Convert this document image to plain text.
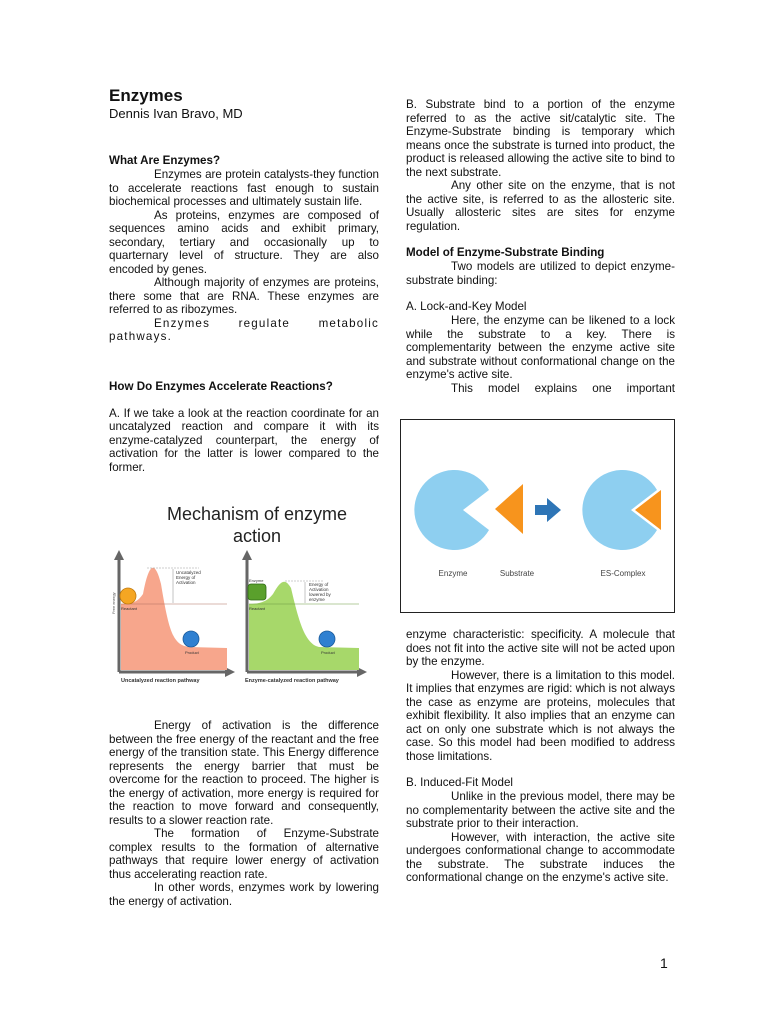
Enzymes
Dennis Ivan Bravo, MD
What Are Enzymes?

Enzymes are protein catalysts-they function to accelerate reactions fast enough to sustain biochemical processes and ultimately sustain life.

As proteins, enzymes are composed of sequences amino acids and exhibit primary, secondary, tertiary and occasionally up to quarternary level of structure. They are also encoded by genes.

Although majority of enzymes are proteins, there some that are RNA. These enzymes are referred to as ribozymes.

Enzymes regulate metabolic pathways.

How Do Enzymes Accelerate Reactions?

A. If we take a look at the reaction coordinate for an uncatalyzed reaction and compare it with its enzyme-catalyzed counterpart, the energy of activation for the latter is lower compared to the former.

Mechanism of enzyme
action
Free energy Reactant
Uncatalyzed
Energy of
Activation
Product
Uncatalyzed reaction pathway
Enzyme
Reactant
Energy of
Activation
lowered by
enzyme
Product
Enzyme-catalyzed reaction pathway

Energy of activation is the difference between the free energy of the reactant and the free energy of the transition state. This Energy difference represents the energy barrier that must be overcome for the reaction to proceed. The higher is the energy of activation, more energy is required for the reaction to move forward and consequently, results to a slower reaction rate.

The formation of Enzyme-Substrate complex results to the formation of alternative pathways that require lower energy of activation thus accelerating reaction rate.

In other words, enzymes work by lowering the energy of activation.

B. Substrate bind to a portion of the enzyme referred to as the active sit/catalytic site. The Enzyme-Substrate binding is temporary which means once the substrate is turned into product, the product is released allowing the active site to bind to the next substrate.

Any other site on the enzyme, that is not the active site, is referred to as the allosteric site. Usually allosteric sites are sites for enzyme regulation.

Model of Enzyme-Substrate Binding

Two models are utilized to depict enzyme-substrate binding:

A. Lock-and-Key Model

Here, the enzyme can be likened to a lock while the substrate to a key. There is complementarity between the enzyme active site and substrate without conformational change on the enzyme's active site.

This model explains one important

Enzyme	Substrate	ES-Complex

enzyme characteristic: specificity. A molecule that does not fit into the active site will not be acted upon by the enzyme.

However, there is a limitation to this model. It implies that enzymes are rigid: which is not always the case as enzyme are proteins, molecules that exhibit flexibility. It also implies that an enzyme can act on only one substrate which is not always the case. So this model had been modified to address those limitations.

B. Induced-Fit Model

Unlike in the previous model, there may be no complementarity between the active site and the substrate prior to their interaction.

However, with interaction, the active site undergoes conformational change to accommodate the substrate. The substrate induces the conformational change on the enzyme's active site.

1
